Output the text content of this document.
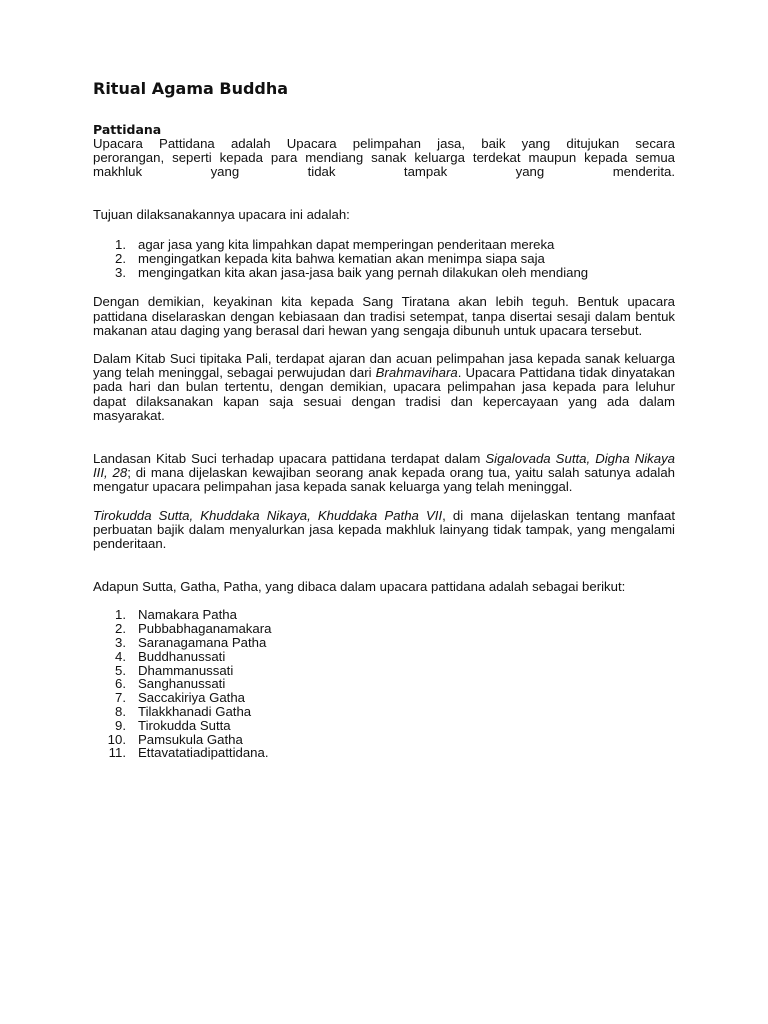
Ritual Agama Buddha
Pattidana

Upacara Pattidana adalah Upacara pelimpahan jasa, baik yang ditujukan secara

perorangan, seperti kepada para mendiang sanak keluarga terdekat maupun kepada semua

makhluk yang tidak tampak yang menderita.

Tujuan dilaksanakannya upacara ini adalah:

1. agar jasa yang kita limpahkan dapat memperingan penderitaan mereka
2. mengingatkan kepada kita bahwa kematian akan menimpa siapa saja
3. mengingatkan kita akan jasa-jasa baik yang pernah dilakukan oleh mendiang

Dengan demikian, keyakinan kita kepada Sang Tiratana akan lebih teguh. Bentuk upacara pattidana diselaraskan dengan kebiasaan dan tradisi setempat, tanpa disertai sesaji dalam bentuk makanan atau daging yang berasal dari hewan yang sengaja dibunuh untuk upacara tersebut.

Dalam Kitab Suci tipitaka Pali, terdapat ajaran dan acuan pelimpahan jasa kepada sanak keluarga yang telah meninggal, sebagai perwujudan dari Brahmavihara. Upacara Pattidana tidak dinyatakan pada hari dan bulan tertentu, dengan demikian, upacara pelimpahan jasa kepada para leluhur dapat dilaksanakan kapan saja sesuai dengan tradisi dan kepercayaan yang ada dalam masyarakat.

Landasan Kitab Suci terhadap upacara pattidana terdapat dalam Sigalovada Sutta, Digha Nikaya III, 28; di mana dijelaskan kewajiban seorang anak kepada orang tua, yaitu salah satunya adalah mengatur upacara pelimpahan jasa kepada sanak keluarga yang telah meninggal.

Tirokudda Sutta, Khuddaka Nikaya, Khuddaka Patha VII, di mana dijelaskan tentang manfaat perbuatan bajik dalam menyalurkan jasa kepada makhluk lainyang tidak tampak, yang mengalami penderitaan.

Adapun Sutta, Gatha, Patha, yang dibaca dalam upacara pattidana adalah sebagai berikut:

1. Namakara Patha
2. Pubbabhaganamakara
3. Saranagamana Patha
4. Buddhanussati
5. Dhammanussati
6. Sanghanussati
7. Saccakiriya Gatha
8. Tilakkhanadi Gatha
9. Tirokudda Sutta
10. Pamsukula Gatha
11. Ettavatatiadipattidana.
